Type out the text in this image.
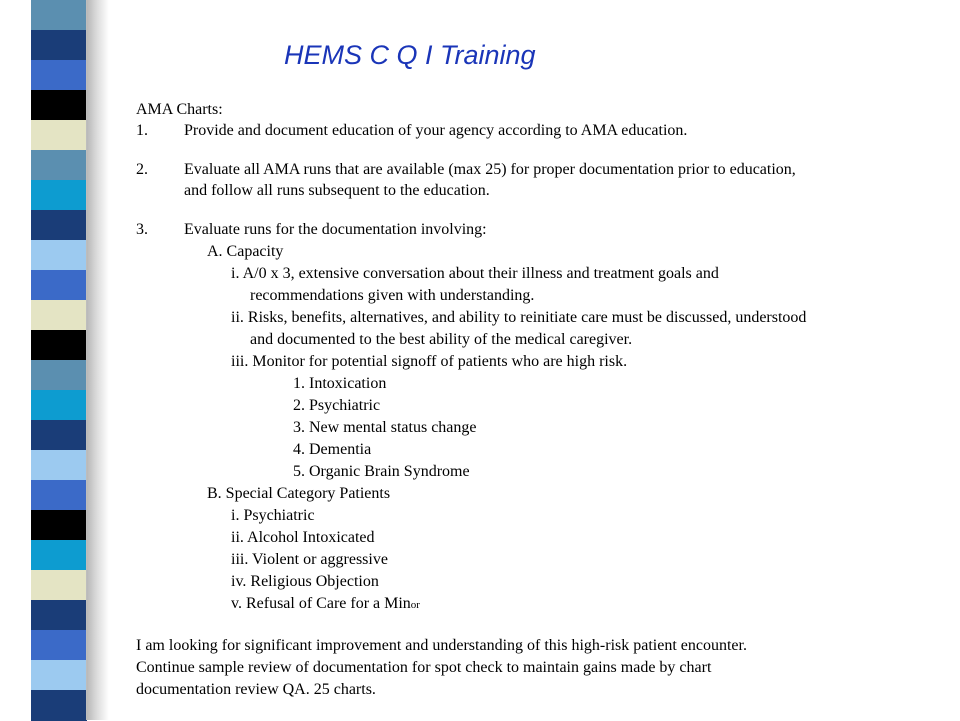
HEMS C Q I Training
AMA Charts:
1. Provide and document education of your agency according to AMA education.
2. Evaluate all AMA runs that are available (max 25) for proper documentation prior to education,
and follow all runs subsequent to the education.
3. Evaluate runs for the documentation involving:
A. Capacity
i. A/0 x 3, extensive conversation about their illness and treatment goals and
recommendations given with understanding.
ii. Risks, benefits, alternatives, and ability to reinitiate care must be discussed, understood
and documented to the best ability of the medical caregiver.
iii. Monitor for potential signoff of patients who are high risk.
1. Intoxication
2. Psychiatric
3. New mental status change
4. Dementia
5. Organic Brain Syndrome
B. Special Category Patients
i. Psychiatric
ii. Alcohol Intoxicated
iii. Violent or aggressive
iv. Religious Objection
v. Refusal of Care for a Minor
I am looking for significant improvement and understanding of this high-risk patient encounter.
Continue sample review of documentation for spot check to maintain gains made by chart
documentation review QA. 25 charts.
